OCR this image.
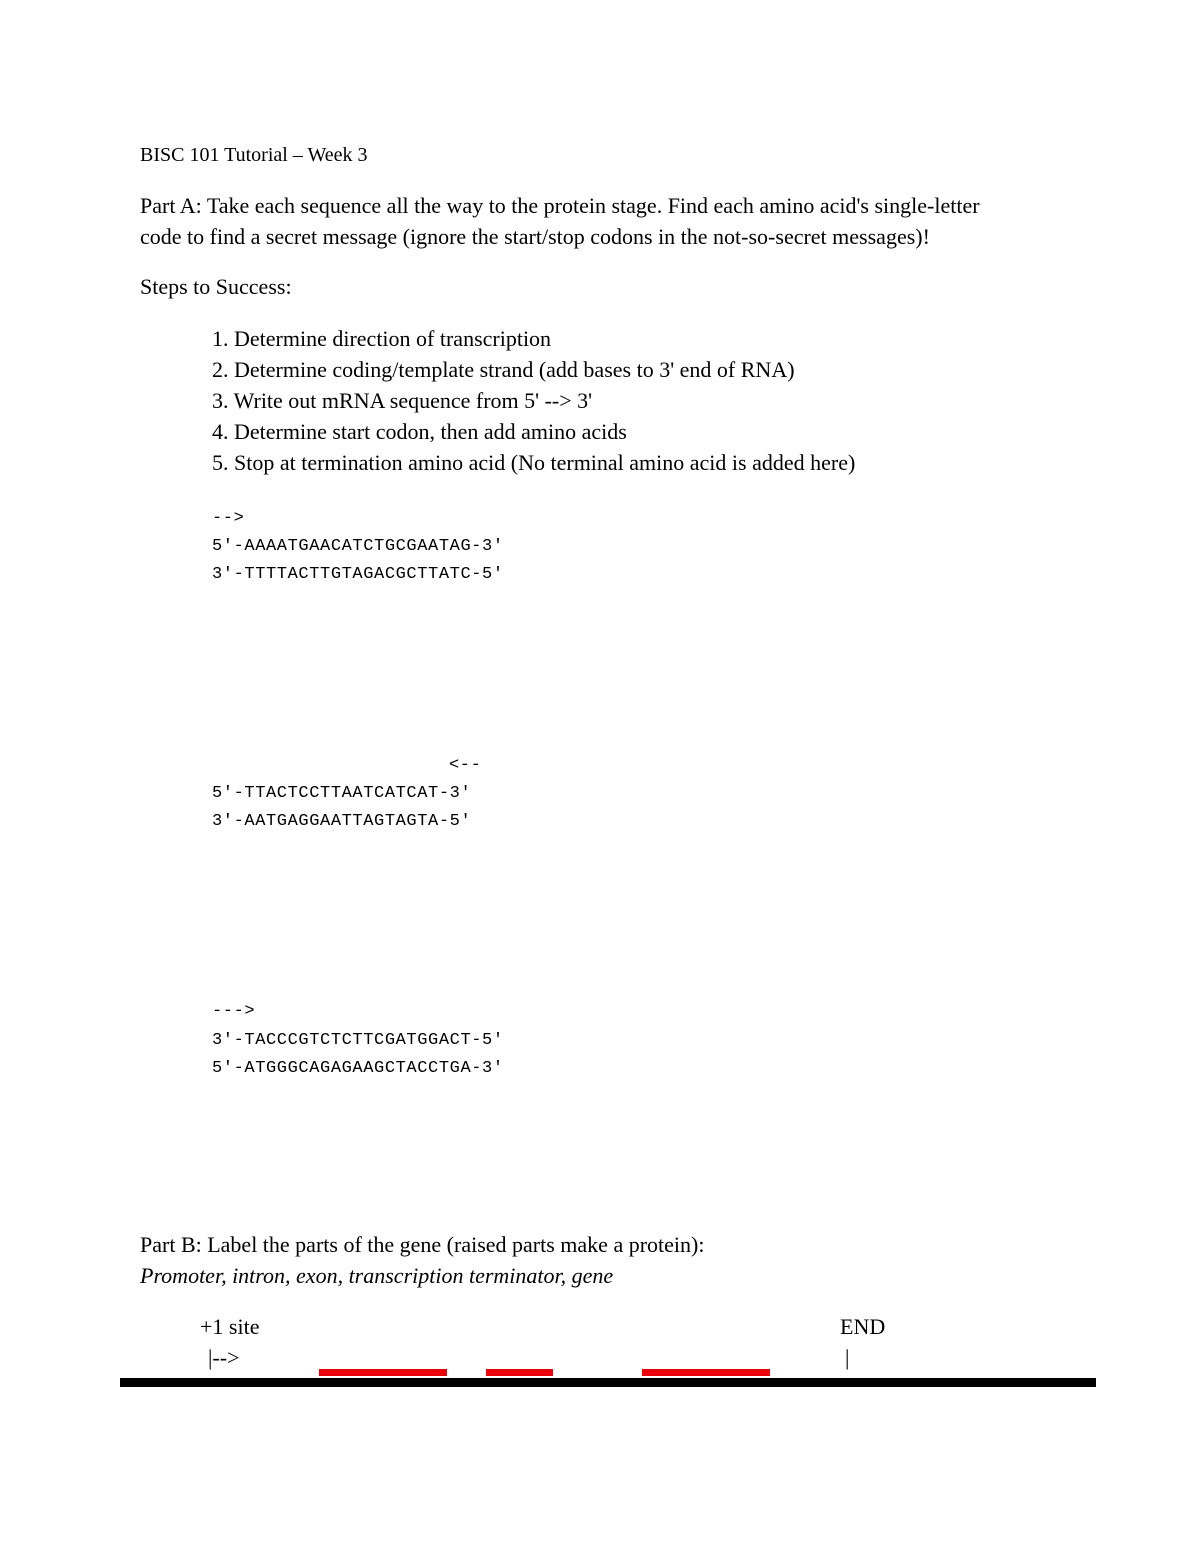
BISC 101 Tutorial – Week 3
Part A: Take each sequence all the way to the protein stage. Find each amino acid's single-letter
code to find a secret message (ignore the start/stop codons in the not-so-secret messages)!
Steps to Success:
1. Determine direction of transcription
2. Determine coding/template strand (add bases to 3' end of RNA)
3. Write out mRNA sequence from 5' --> 3'
4. Determine start codon, then add amino acids
5. Stop at termination amino acid (No terminal amino acid is added here)
-->
5'-AAAATGAACATCTGCGAATAG-3'
3'-TTTTACTTGTAGACGCTTATC-5'
<--
5'-TTACTCCTTAATCATCAT-3'
3'-AATGAGGAATTAGTAGTA-5'
--->
3'-TACCCGTCTCTTCGATGGACT-5'
5'-ATGGGCAGAGAAGCTACCTGA-3'
Part B: Label the parts of the gene (raised parts make a protein):
Promoter, intron, exon, transcription terminator, gene
+1 site
|-->
END
|
